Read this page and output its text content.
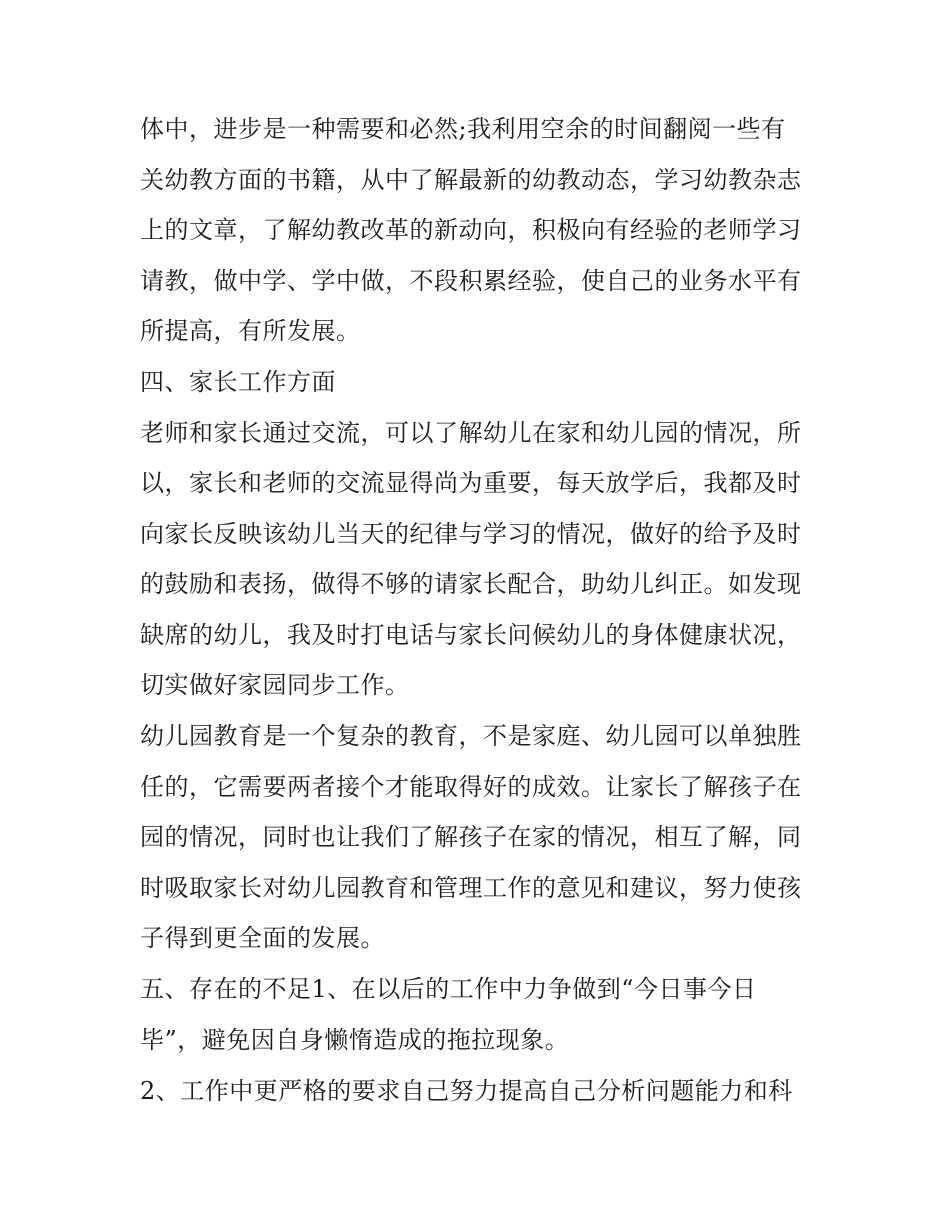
体中，进步是一种需要和必然;我利用空余的时间翻阅一些有

关幼教方面的书籍，从中了解最新的幼教动态，学习幼教杂志

上的文章，了解幼教改革的新动向，积极向有经验的老师学习

请教，做中学、学中做，不段积累经验，使自己的业务水平有

所提高，有所发展。

四、家长工作方面

老师和家长通过交流，可以了解幼儿在家和幼儿园的情况，所

以，家长和老师的交流显得尚为重要，每天放学后，我都及时

向家长反映该幼儿当天的纪律与学习的情况，做好的给予及时

的鼓励和表扬，做得不够的请家长配合，助幼儿纠正。如发现

缺席的幼儿，我及时打电话与家长问候幼儿的身体健康状况，

切实做好家园同步工作。

幼儿园教育是一个复杂的教育，不是家庭、幼儿园可以单独胜

任的，它需要两者接个才能取得好的成效。让家长了解孩子在

园的情况，同时也让我们了解孩子在家的情况，相互了解，同

时吸取家长对幼儿园教育和管理工作的意见和建议，努力使孩

子得到更全面的发展。

五、存在的不足1、在以后的工作中力争做到“今日事今日

毕”，避免因自身懒惰造成的拖拉现象。

2、工作中更严格的要求自己努力提高自己分析问题能力和科
